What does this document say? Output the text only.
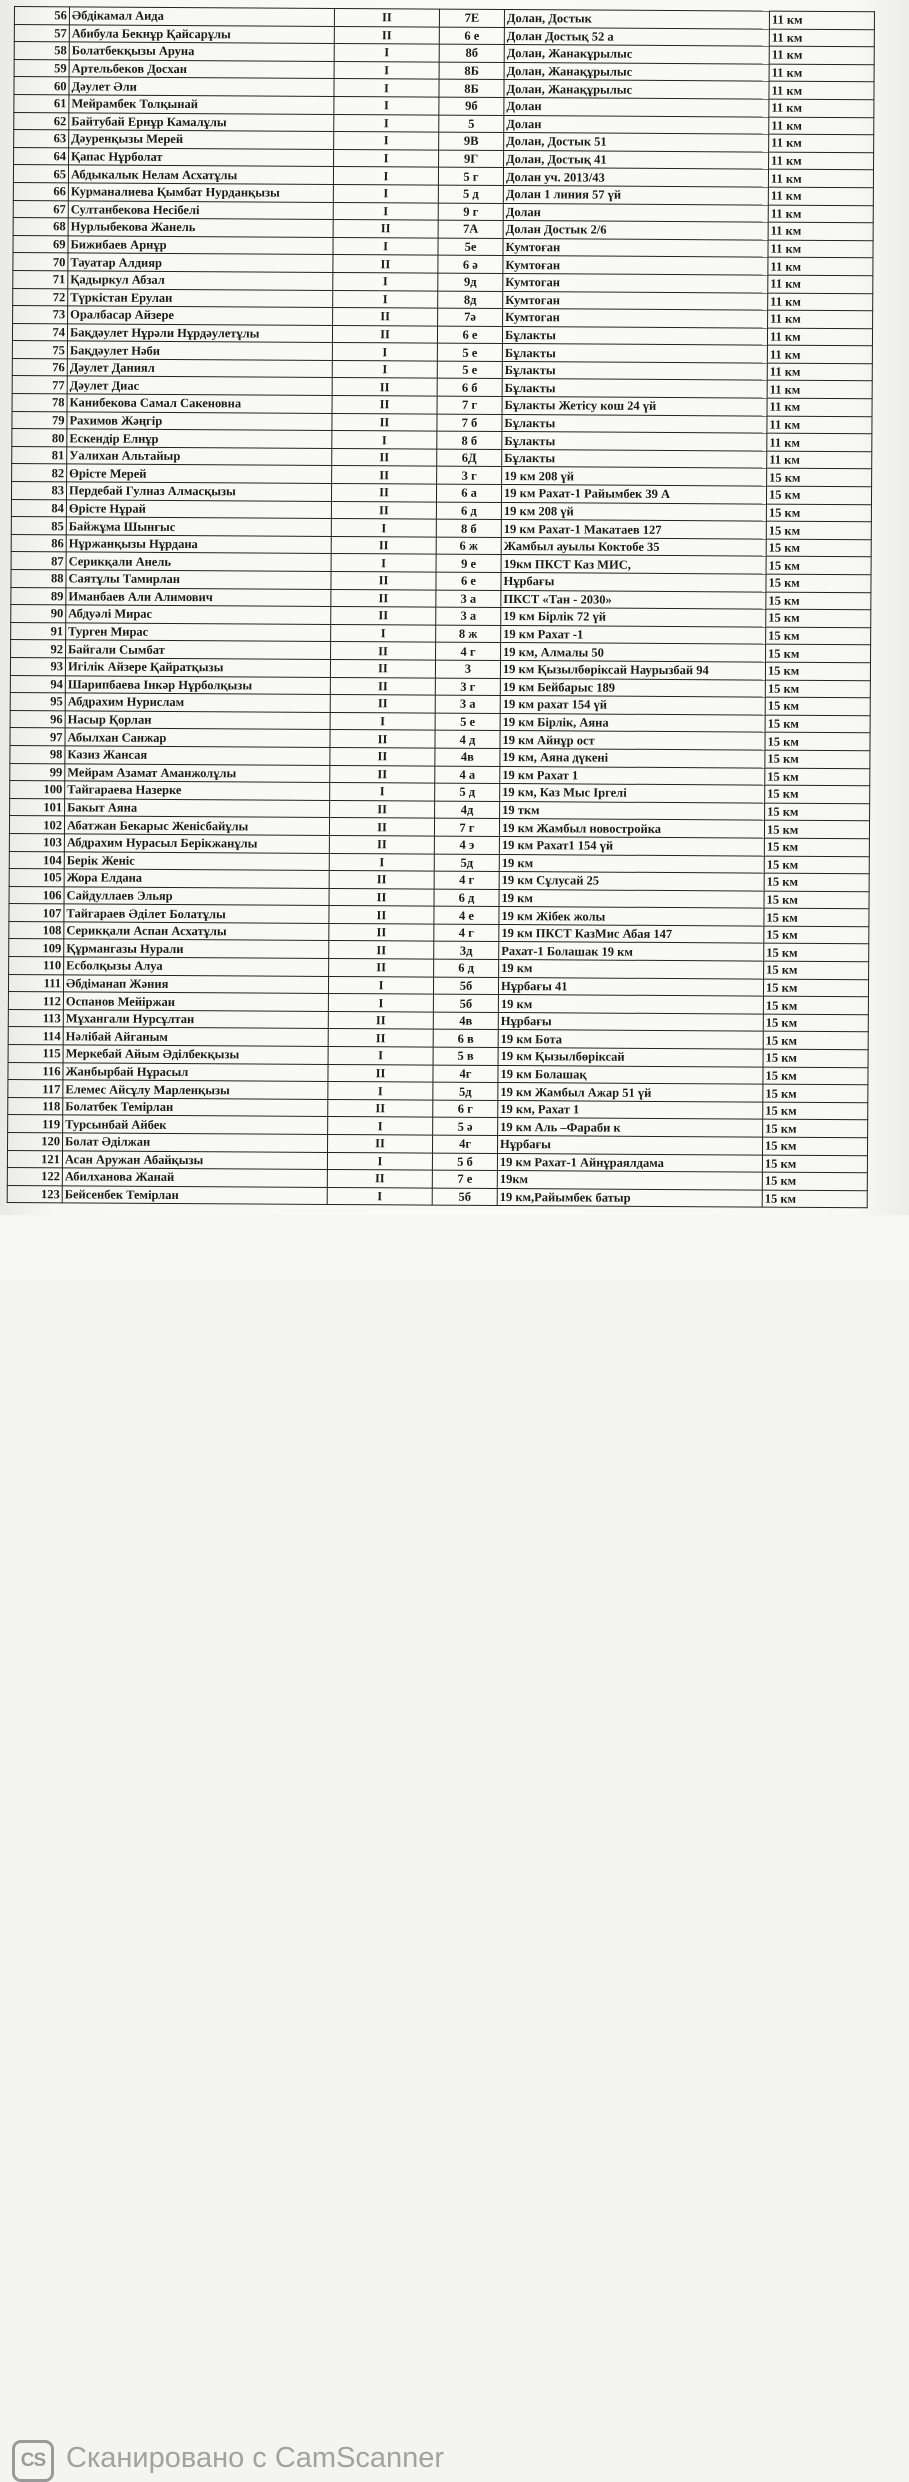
56	Әбдікамал Аида	II	7Е	Долан, Достык	11 км
57	Абибула Бекнұр Қайсарұлы	II	6 е	Долан Достық 52 а	11 км
58	Болатбекқызы Аруна	I	8б	Долан, Жанакұрылыс	11 км
59	Артельбеков Досхан	I	8Б	Долан, Жанақұрылыс	11 км
60	Дәулет Әли	I	8Б	Долан, Жанақұрылыс	11 км
61	Мейрамбек Толқынай	I	9б	Долан	11 км
62	Байтубай Ернұр Камалұлы	I	5	Долан	11 км
63	Дәуренқызы Мерей	I	9В	Долан, Достык 51	11 км
64	Қапас Нұрболат	I	9Г	Долан, Достық 41	11 км
65	Абдыкалык Нелам Асхатұлы	I	5 г	Долан уч. 2013/43	11 км
66	Курманалиева Қымбат Нурданқызы	I	5 д	Долан 1 линия 57 үй	11 км
67	Султанбекова Несібелі	I	9 г	Долан	11 км
68	Нурлыбекова Жанель	II	7А	Долан Достык 2/6	11 км
69	Бижибаев Арнұр	I	5е	Кумтоған	11 км
70	Тауатар Алдияр	II	6 ә	Кумтоған	11 км
71	Қадыркул Абзал	I	9д	Кумтоган	11 км
72	Түркістан Ерулан	I	8д	Кумтоган	11 км
73	Оралбасар Айзере	II	7ә	Кумтоган	11 км
74	Бақдәулет Нұрәли Нұрдәулетұлы	II	6 е	Бұлакты	11 км
75	Бақдәулет Нәби	I	5 е	Бұлакты	11 км
76	Дәулет Даниял	I	5 е	Бұлакты	11 км
77	Дәулет Диас	II	6 б	Бұлакты	11 км
78	Канибекова Самал Сакеновна	II	7 г	Бұлакты Жетісу кош 24 үй	11 км
79	Рахимов Жәңгір	II	7 б	Бұлакты	11 км
80	Ескендір Елнұр	I	8 б	Бұлакты	11 км
81	Уалихан Альтайыр	II	6Д	Бұлакты	11 км
82	Өрісте Мерей	II	3 г	19 км 208 үй	15 км
83	Пердебай Гулназ Алмасқызы	II	6 а	19 км Рахат-1 Райымбек 39 А	15 км
84	Өрісте Нұрай	II	6 д	19 км 208 үй	15 км
85	Байжұма Шынғыс	I	8 б	19 км Рахат-1 Макатаев 127	15 км
86	Нұржанқызы Нұрдана	II	6 ж	Жамбыл ауылы Коктобе 35	15 км
87	Серикқали Анель	I	9 е	19км ПКСТ Каз МИС,	15 км
88	Саятұлы Тамирлан	II	6 е	Нұрбағы	15 км
89	Иманбаев Али Алимович	II	3 а	ПКСТ «Тан - 2030»	15 км
90	Абдуәлі Мирас	II	3 а	19 км Бірлік 72 үй	15 км
91	Турген Мирас	I	8 ж	19 км Рахат -1	15 км
92	Байгали Сымбат	II	4 г	19 км, Алмалы 50	15 км
93	Игілік Айзере Қайратқызы	II	3	19 км Қызылбөріксай Наурызбай 94	15 км
94	Шарипбаева Інкәр Нұрболқызы	II	3 г	19 км Бейбарыс 189	15 км
95	Абдрахим Нурислам	II	3 а	19 км рахат 154 үй	15 км
96	Насыр Қорлан	I	5 е	19 км Бірлік, Аяна	15 км
97	Абылхан Санжар	II	4 д	19 км Айнұр ост	15 км
98	Казиз Жансая	II	4в	19 км, Аяна дүкені	15 км
99	Мейрам Азамат Аманжолұлы	II	4 а	19 км Рахат 1	15 км
100	Тайгараева Назерке	I	5 д	19 км, Каз Мыс Іргелі	15 км
101	Бакыт Аяна	II	4д	19 ткм	15 км
102	Абатжан Бекарыс Женісбайұлы	II	7 г	19 км Жамбыл новостройка	15 км
103	Абдрахим Нурасыл Берікжанұлы	II	4 э	19 км Рахат1 154 үй	15 км
104	Берік Женіс	I	5д	19 км	15 км
105	Жора Елдана	II	4 г	19 км Сұлусай 25	15 км
106	Сайдуллаев Эльяр	II	6 д	19 км	15 км
107	Тайгараев Әділет Болатұлы	II	4 е	19 км Жібек жолы	15 км
108	Серикқали Аспан Асхатұлы	II	4 г	19 км ПКСТ КазМис Абая 147	15 км
109	Құрмангазы Нурали	II	3д	Рахат-1 Болашак 19 км	15 км
110	Есболқызы Алуа	II	6 д	19 км	15 км
111	Әбдіманап Жәния	I	5б	Нұрбағы 41	15 км
112	Оспанов Мейіржан	I	5б	19 км	15 км
113	Мұхангали Нурсұлтан	II	4в	Нұрбағы	15 км
114	Нәлібай Айганым	II	6 в	19 км Бота	15 км
115	Меркебай Айым Әділбекқызы	I	5 в	19 км Қызылбөріксай	15 км
116	Жанбырбай Нұрасыл	II	4г	19 км Болашақ	15 км
117	Елемес Айсұлу Марленқызы	I	5д	19 км Жамбыл Ажар 51 үй	15 км
118	Болатбек Темірлан	II	6 г	19 км, Рахат 1	15 км
119	Турсынбай Айбек	I	5 ә	19 км Аль –Фараби к	15 км
120	Болат Әділжан	II	4г	Нұрбағы	15 км
121	Асан Аружан Абайқызы	I	5 б	19 км Рахат-1 Айнұраялдама	15 км
122	Абилханова Жанай	II	7 е	19км	15 км
123	Бейсенбек Темірлан	I	5б	19 км,Райымбек батыр	15 км
CS Сканировано с CamScanner
